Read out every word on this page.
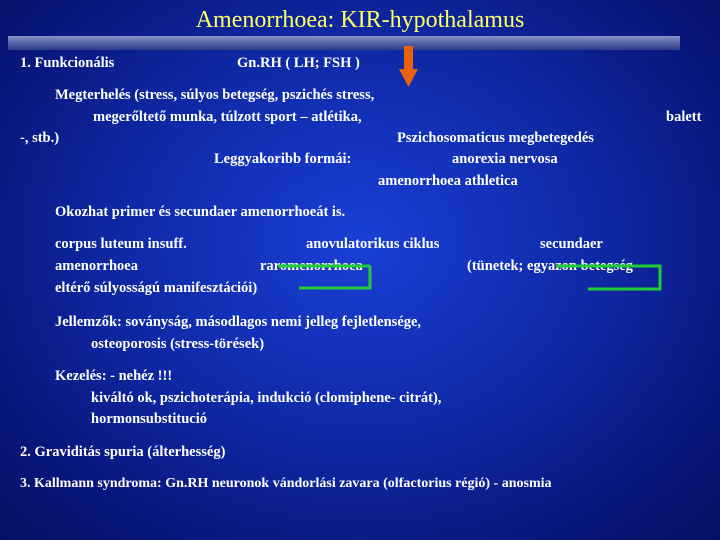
Amenorrhoea: KIR-hypothalamus
1. Funkcionális	Gn.RH ( LH; FSH )
Megterhelés (stress, súlyos betegség, pszichés stress,
megerőltető munka, túlzott sport – atlétika,	balett
-, stb.)	Pszichosomaticus megbetegedés
Leggyakoribb formái:	anorexia nervosa
amenorrhoea athletica
Okozhat primer és secundaer amenorrhoeát is.
corpus luteum insuff.	anovulatorikus ciklus	secundaer
amenorrhoea	raromenorrhoea	(tünetek; egyazon betegség
eltérő súlyosságú manifesztációi)
Jellemzők: soványság, másodlagos nemi jelleg fejletlensége,
osteoporosis (stress-törések)
Kezelés: - nehéz !!!
kiváltó ok, pszichoterápia, indukció (clomiphene- citrát),
hormonsubstitució
2. Graviditás spuria (álterhesség)
3. Kallmann syndroma: Gn.RH neuronok vándorlási zavara (olfactorius régió) - anosmia
